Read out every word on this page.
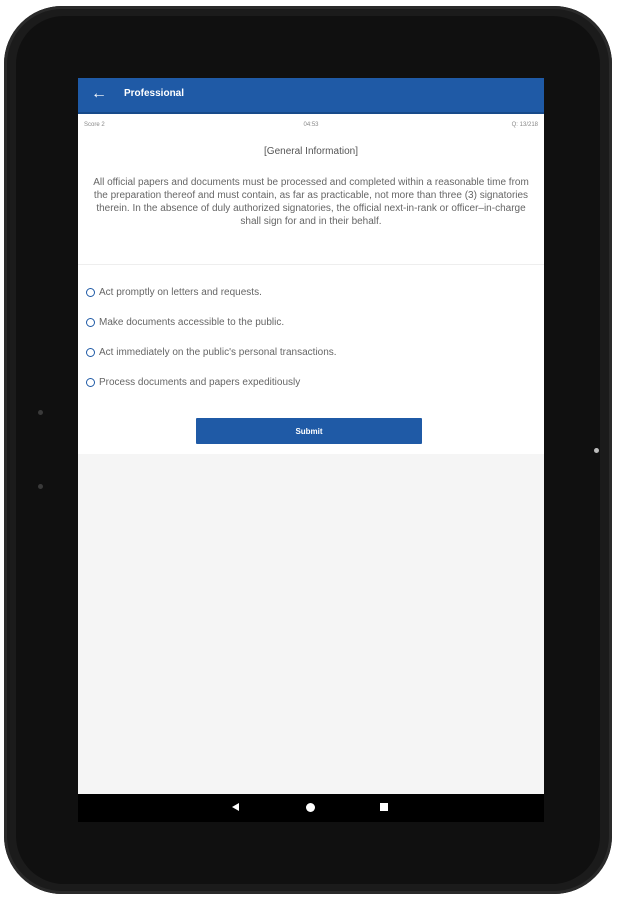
← Professional
Score 2	04:53	Q: 13/218
[General Information]
All official papers and documents must be processed and completed within a reasonable time from the preparation thereof and must contain, as far as practicable, not more than three (3) signatories therein. In the absence of duly authorized signatories, the official next-in-rank or officer–in-charge shall sign for and in their behalf.
Act promptly on letters and requests.
Make documents accessible to the public.
Act immediately on the public's personal transactions.
Process documents and papers expeditiously
Submit
